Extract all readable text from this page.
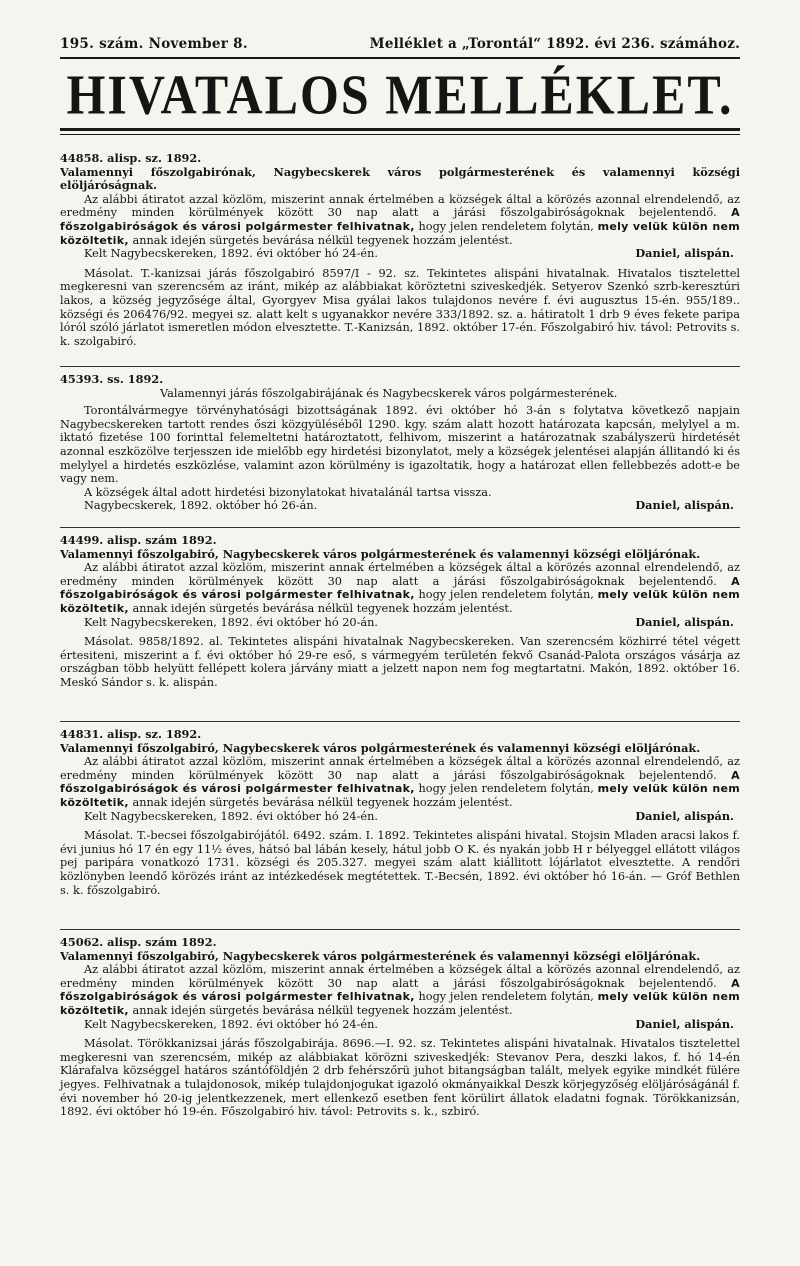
195. szám. November 8.	Melléklet a „Torontál“ 1892. évi 236. számához.
HIVATALOS MELLÉKLET.

44858. alisp. sz. 1892.

Valamennyi főszolgabirónak, Nagybecskerek város polgármesterének és valamennyi községi elöljáróságnak.

Az alábbi átiratot azzal közlöm, miszerint annak értelmében a községek által a körözés azonnal elrendelendő, az eredmény minden körülmények között 30 nap alatt a járási főszolgabiróságoknak bejelentendő. A főszolgabiróságok és városi polgármester felhivatnak, hogy jelen rendeletem folytán, mely velük külön nem közöltetik, annak idején sürgetés bevárása nélkül tegyenek hozzám jelentést.

Kelt Nagybecskereken, 1892. évi október hó 24-én.	Daniel, alispán.

Másolat. T.-kanizsai járás főszolgabiró 8597/I - 92. sz. Tekintetes alispáni hivatalnak. Hivatalos tisztelettel megkeresni van szerencsém az iránt, mikép az alábbiakat köröztetni sziveskedjék. Setyerov Szenkó szrb-keresztúri lakos, a község jegyzősége által, Gyorgyev Misa gyálai lakos tulajdonos nevére f. évi augusztus 15-én. 955/189.. községi és 206476/92. megyei sz. alatt kelt s ugyanakkor nevére 333/1892. sz. a. hátiratolt 1 drb 9 éves fekete paripa lóról szóló járlatot ismeretlen módon elvesztette. T.-Kanizsán, 1892. október 17-én. Főszolgabiró hiv. távol: Petrovits s. k. szolgabiró.

45393. ss. 1892.

Valamennyi járás főszolgabirájának és Nagybecskerek város polgármesterének.

Torontálvármegye törvényhatósági bizottságának 1892. évi október hó 3-án s folytatva következő napjain Nagybecskereken tartott rendes őszi közgyüléséből 1290. kgy. szám alatt hozott határozata kapcsán, melylyel a m. iktató fizetése 100 forinttal felemeltetni határoztatott, felhivom, miszerint a határozatnak szabályszerü hirdetését azonnal eszközölve terjesszen ide mielőbb egy hirdetési bizonylatot, mely a községek jelentései alapján állitandó ki és melylyel a hirdetés eszközlése, valamint azon körülmény is igazoltatik, hogy a határozat ellen fellebbezés adott-e be vagy nem.

A községek által adott hirdetési bizonylatokat hivatalánál tartsa vissza.

Nagybecskerek, 1892. október hó 26-án.	Daniel, alispán.

44499. alisp. szám 1892.

Valamennyi főszolgabiró, Nagybecskerek város polgármesterének és valamennyi községi elöljárónak.

Az alábbi átiratot azzal közlöm, miszerint annak értelmében a községek által a körözés azonnal elrendelendő, az eredmény minden körülmények között 30 nap alatt a járási főszolgabiróságoknak bejelentendő. A főszolgabiróságok és városi polgármester felhivatnak, hogy jelen rendeletem folytán, mely velük külön nem közöltetik, annak idején sürgetés bevárása nélkül tegyenek hozzám jelentést.

Kelt Nagybecskereken, 1892. évi október hó 20-án.	Daniel, alispán.

Másolat. 9858/1892. al. Tekintetes alispáni hivatalnak Nagybecskereken. Van szerencsém közhirré tétel végett értesiteni, miszerint a f. évi október hó 29-re eső, s vármegyém területén fekvő Csanád-Palota országos vásárja az országban több helyütt fellépett kolera járvány miatt a jelzett napon nem fog megtartatni. Makón, 1892. október 16. Meskó Sándor s. k. alispán.

44831. alisp. sz. 1892.

Valamennyi főszolgabiró, Nagybecskerek város polgármesterének és valamennyi községi elöljárónak.

Az alábbi átiratot azzal közlöm, miszerint annak értelmében a községek által a körözés azonnal elrendelendő, az eredmény minden körülmények között 30 nap alatt a járási főszolgabiróságoknak bejelentendő. A főszolgabiróságok és városi polgármester felhivatnak, hogy jelen rendeletem folytán, mely velük külön nem közöltetik, annak idején sürgetés bevárása nélkül tegyenek hozzám jelentést.

Kelt Nagybecskereken, 1892. évi október hó 24-én.	Daniel, alispán.

Másolat. T.-becsei főszolgabirójától. 6492. szám. I. 1892. Tekintetes alispáni hivatal. Stojsin Mladen aracsi lakos f. évi junius hó 17 én egy 11½ éves, hátsó bal lábán kesely, hátul jobb O K. és nyakán jobb H r bélyeggel ellátott világos pej paripára vonatkozó 1731. községi és 205.327. megyei szám alatt kiállitott lójárlatot elvesztette. A rendőri közlönyben leendő körözés iránt az intézkedések megtétettek. T.-Becsén, 1892. évi október hó 16-án. — Gróf Bethlen s. k. főszolgabiró.

45062. alisp. szám 1892.

Valamennyi főszolgabiró, Nagybecskerek város polgármesterének és valamennyi községi elöljárónak.

Az alábbi átiratot azzal közlöm, miszerint annak értelmében a községek által a körözés azonnal elrendelendő, az eredmény minden körülmények között 30 nap alatt a járási főszolgabiróságoknak bejelentendő. A főszolgabiróságok és városi polgármester felhivatnak, hogy jelen rendeletem folytán, mely velük külön nem közöltetik, annak idején sürgetés bevárása nélkül tegyenek hozzám jelentést.

Kelt Nagybecskereken, 1892. évi október hó 24-én.	Daniel, alispán.

Másolat. Törökkanizsai járás főszolgabirája. 8696.—I. 92. sz. Tekintetes alispáni hivatalnak. Hivatalos tisztelettel megkeresni van szerencsém, mikép az alábbiakat körözni sziveskedjék: Stevanov Pera, deszki lakos, f. hó 14-én Klárafalva községgel határos szántóföldjén 2 drb fehérszőrü juhot bitangságban talált, melyek egyike mindkét fülére jegyes. Felhivatnak a tulajdonosok, mikép tulajdonjogukat igazoló okmányaikkal Deszk körjegyzőség elöljáróságánál f. évi november hó 20-ig jelentkezzenek, mert ellenkező esetben fent körülirt állatok eladatni fognak. Törökkanizsán, 1892. évi október hó 19-én. Főszolgabiró hiv. távol: Petrovits s. k., szbiró.
